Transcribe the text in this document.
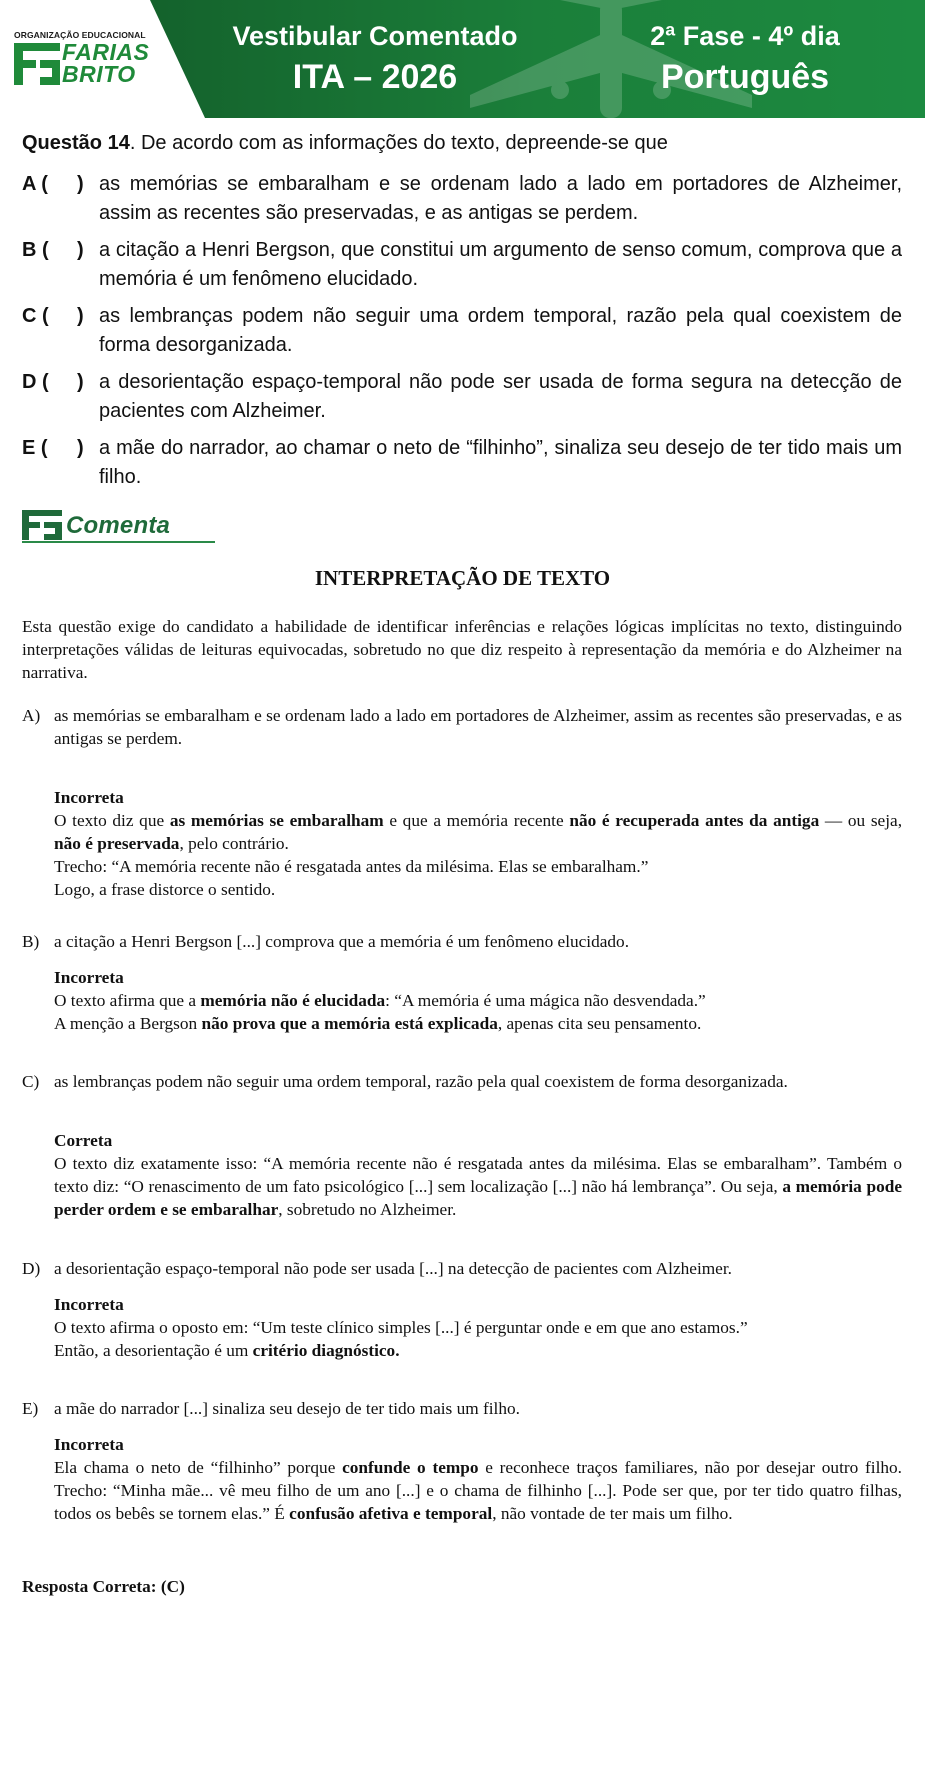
ORGANIZAÇÃO EDUCACIONAL
FARIAS
BRITO
Vestibular Comentado
ITA – 2026
2ª Fase - 4º dia
Português
Questão 14. De acordo com as informações do texto, depreende-se que
A ( ) as memórias se embaralham e se ordenam lado a lado em portadores de Alzheimer, assim as recentes são preservadas, e as antigas se perdem.
B ( ) a citação a Henri Bergson, que constitui um argumento de senso comum, comprova que a memória é um fenômeno elucidado.
C ( ) as lembranças podem não seguir uma ordem temporal, razão pela qual coexistem de forma desorganizada.
D ( ) a desorientação espaço-temporal não pode ser usada de forma segura na detecção de pacientes com Alzheimer.
E ( ) a mãe do narrador, ao chamar o neto de “filhinho”, sinaliza seu desejo de ter tido mais um filho.
Comenta
INTERPRETAÇÃO DE TEXTO

Esta questão exige do candidato a habilidade de identificar inferências e relações lógicas implícitas no texto, distinguindo interpretações válidas de leituras equivocadas, sobretudo no que diz respeito à representação da memória e do Alzheimer na narrativa.

A) as memórias se embaralham e se ordenam lado a lado em portadores de Alzheimer, assim as recentes são preservadas, e as antigas se perdem.
Incorreta

O texto diz que as memórias se embaralham e que a memória recente não é recuperada antes da antiga — ou seja, não é preservada, pelo contrário.

Trecho: “A memória recente não é resgatada antes da milésima. Elas se embaralham.”

Logo, a frase distorce o sentido.

B) a citação a Henri Bergson [...] comprova que a memória é um fenômeno elucidado.
Incorreta

O texto afirma que a memória não é elucidada: “A memória é uma mágica não desvendada.”

A menção a Bergson não prova que a memória está explicada, apenas cita seu pensamento.

C) as lembranças podem não seguir uma ordem temporal, razão pela qual coexistem de forma desorganizada.
Correta

O texto diz exatamente isso: “A memória recente não é resgatada antes da milésima. Elas se embaralham”. Também o texto diz: “O renascimento de um fato psicológico [...] sem localização [...] não há lembrança”. Ou seja, a memória pode perder ordem e se embaralhar, sobretudo no Alzheimer.

D) a desorientação espaço-temporal não pode ser usada [...] na detecção de pacientes com Alzheimer.
Incorreta

O texto afirma o oposto em: “Um teste clínico simples [...] é perguntar onde e em que ano estamos.”

Então, a desorientação é um critério diagnóstico.

E) a mãe do narrador [...] sinaliza seu desejo de ter tido mais um filho.
Incorreta

Ela chama o neto de “filhinho” porque confunde o tempo e reconhece traços familiares, não por desejar outro filho. Trecho: “Minha mãe... vê meu filho de um ano [...] e o chama de filhinho [...]. Pode ser que, por ter tido quatro filhas, todos os bebês se tornem elas.” É confusão afetiva e temporal, não vontade de ter mais um filho.

Resposta Correta: (C)
